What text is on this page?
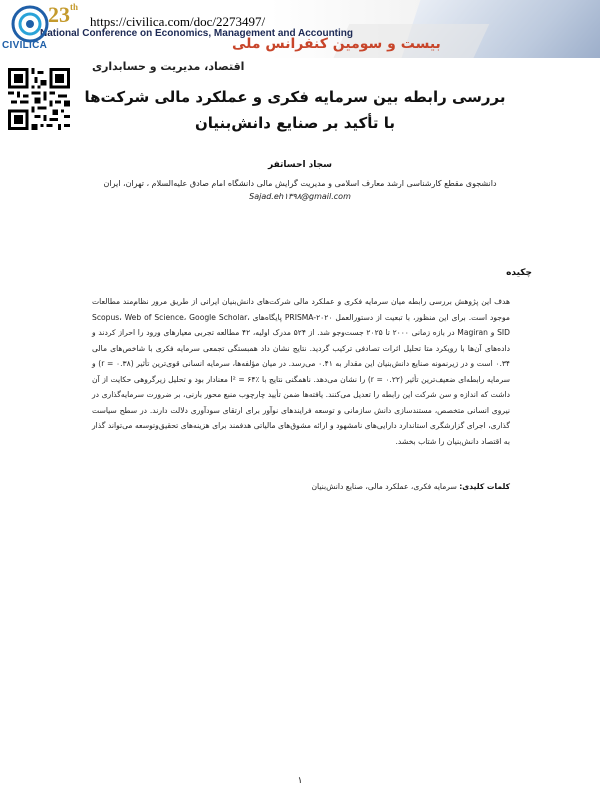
23th
National Conference on Economics, Management and Accounting
بیست و سومین کنفرانس ملی
https://civilica.com/doc/2273497/
CIVILICA
اقتصاد، مدیریت و حسابداری
بررسی رابطه بین سرمایه فکری و عملکرد مالی شرکت‌ها با تأکید بر صنایع دانش‌بنیان
سجاد احساتفر
دانشجوی مقطع کارشناسی ارشد معارف اسلامی و مدیریت گرایش مالی دانشگاه امام صادق علیه‌السلام ، تهران، ایران
Sajad.eh۱۳۹۸@gmail.com
چکیده
هدف این پژوهش بررسی رابطه میان سرمایه فکری و عملکرد مالی شرکت‌های دانش‌بنیان ایرانی از طریق مرور نظام‌مند مطالعات موجود است. برای این منظور، با تبعیت از دستورالعمل PRISMA-۲۰۲۰ پایگاه‌های Scopus، Web of Science، Google Scholar، SID و Magiran در بازه زمانی ۲۰۰۰ تا ۲۰۲۵ جست‌وجو شد. از ۵۲۴ مدرک اولیه، ۴۲ مطالعه تجربی معیارهای ورود را احراز کردند و داده‌های آن‌ها با رویکرد متا تحلیل اثرات تصادفی ترکیب گردید. نتایج نشان داد همبستگی تجمعی سرمایه فکری با شاخص‌های مالی ۰.۳۴ است و در زیرنمونه صنایع دانش‌بنیان این مقدار به ۰.۴۱ می‌رسد. در میان مؤلفه‌ها، سرمایه انسانی قوی‌ترین تأثیر (r = ۰.۳۸) و سرمایه رابطه‌ای ضعیف‌ترین تأثیر (r = ۰.۲۲) را نشان می‌دهد. ناهمگنی نتایج با I² = ۶۴٪ معنادار بود و تحلیل زیرگروهی حکایت از آن داشت که اندازه و سن شرکت این رابطه را تعدیل می‌کنند. یافته‌ها ضمن تأیید چارچوب منبع محور بارنی، بر ضرورت سرمایه‌گذاری در نیروی انسانی متخصص، مستندسازی دانش سازمانی و توسعه فرایندهای نوآور برای ارتقای سودآوری دلالت دارند. در سطح سیاست گذاری، اجرای گزارشگری استاندارد دارایی‌های نامشهود و ارائه مشوق‌های مالیاتی هدفمند برای هزینه‌های تحقیق‌وتوسعه می‌تواند گذار به اقتصاد دانش‌بنیان را شتاب بخشد.
کلمات کلیدی: سرمایه فکری، عملکرد مالی، صنایع دانش‌بنیان
۱
